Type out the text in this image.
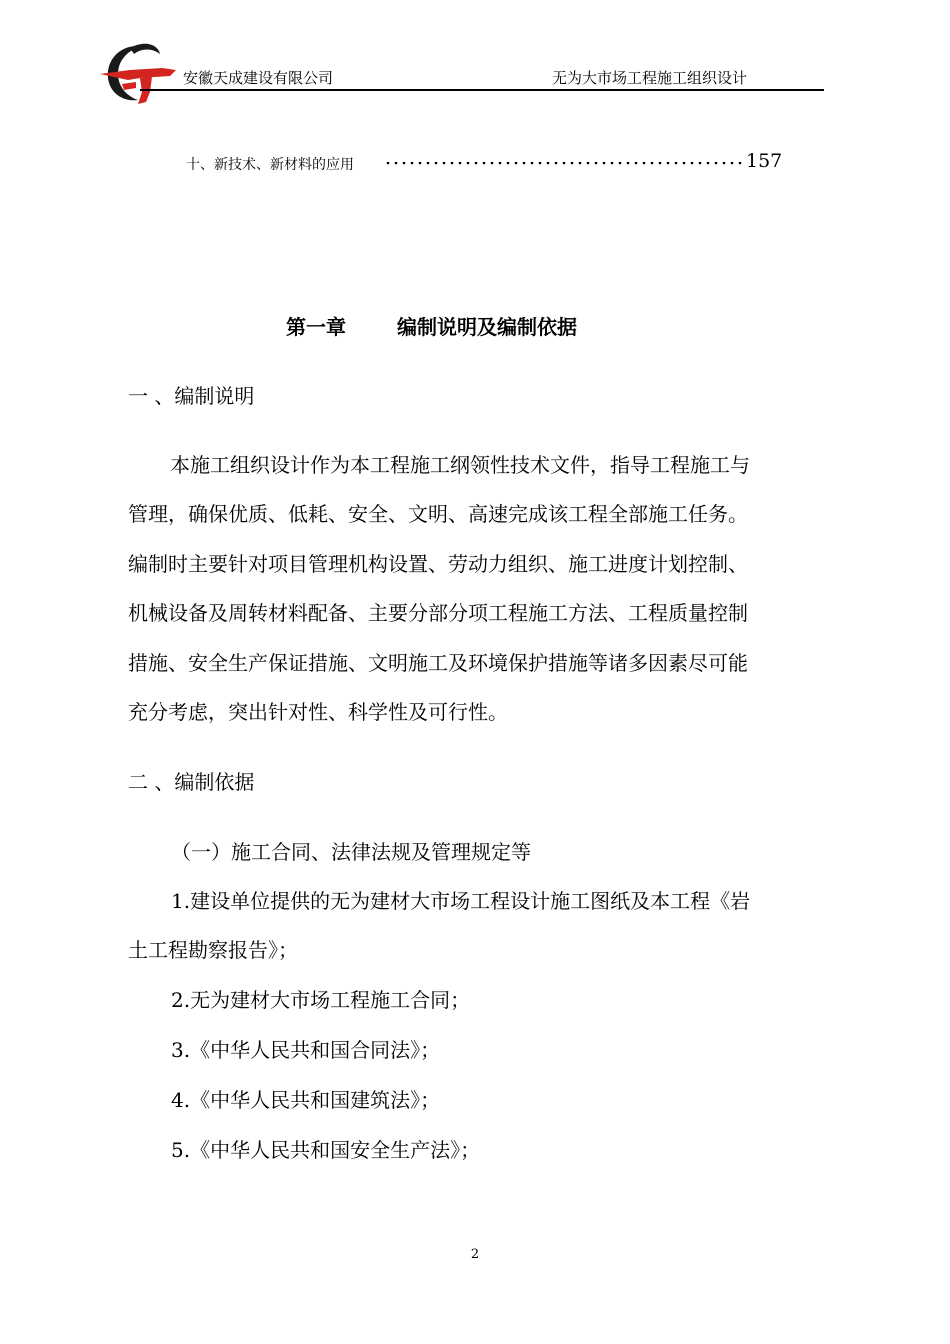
安徽天成建设有限公司	无为大市场工程施工组织设计
十、新技术、新材料的应用	157
第一章	编制说明及编制依据
一 、编制说明

本施工组织设计作为本工程施工纲领性技术文件，指导工程施工与

管理，确保优质、低耗、安全、文明、高速完成该工程全部施工任务。

编制时主要针对项目管理机构设置、劳动力组织、施工进度计划控制、

机械设备及周转材料配备、主要分部分项工程施工方法、工程质量控制

措施、安全生产保证措施、文明施工及环境保护措施等诸多因素尽可能

充分考虑，突出针对性、科学性及可行性。

二 、编制依据
（一）施工合同、法律法规及管理规定等
1.建设单位提供的无为建材大市场工程设计施工图纸及本工程《岩
土工程勘察报告》；
2.无为建材大市场工程施工合同；
3.《中华人民共和国合同法》；
4.《中华人民共和国建筑法》；
5.《中华人民共和国安全生产法》；
2
